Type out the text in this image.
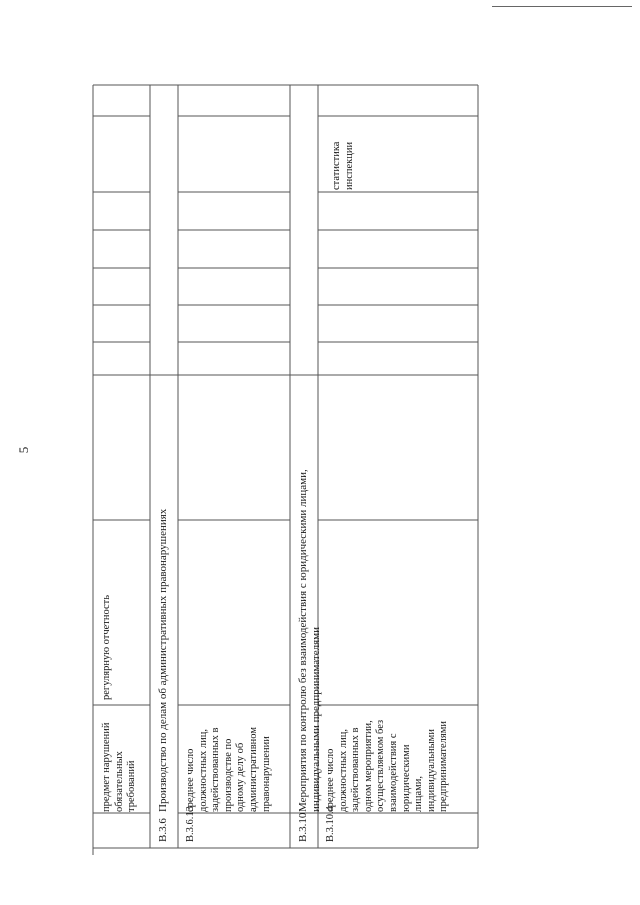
5
предмет нарушений
обязательных
требований
регулярную отчетность
B.3.6
Производство по делам об административных правонарушениях
B.3.6.13
среднее число
должностных лиц,
задействованных в
производстве по
одному делу об
административном
правонарушении
B.3.10
Мероприятия по контролю без взаимодействия с юридическими лицами, индивидуальными предпринимателями
B.3.10.4
среднее число
должностных лиц,
задействованных в
одном мероприятии,
осуществляемом без
взаимодействия с
юридическими
лицами,
индивидуальными
предпринимателями
статистика
инспекции
